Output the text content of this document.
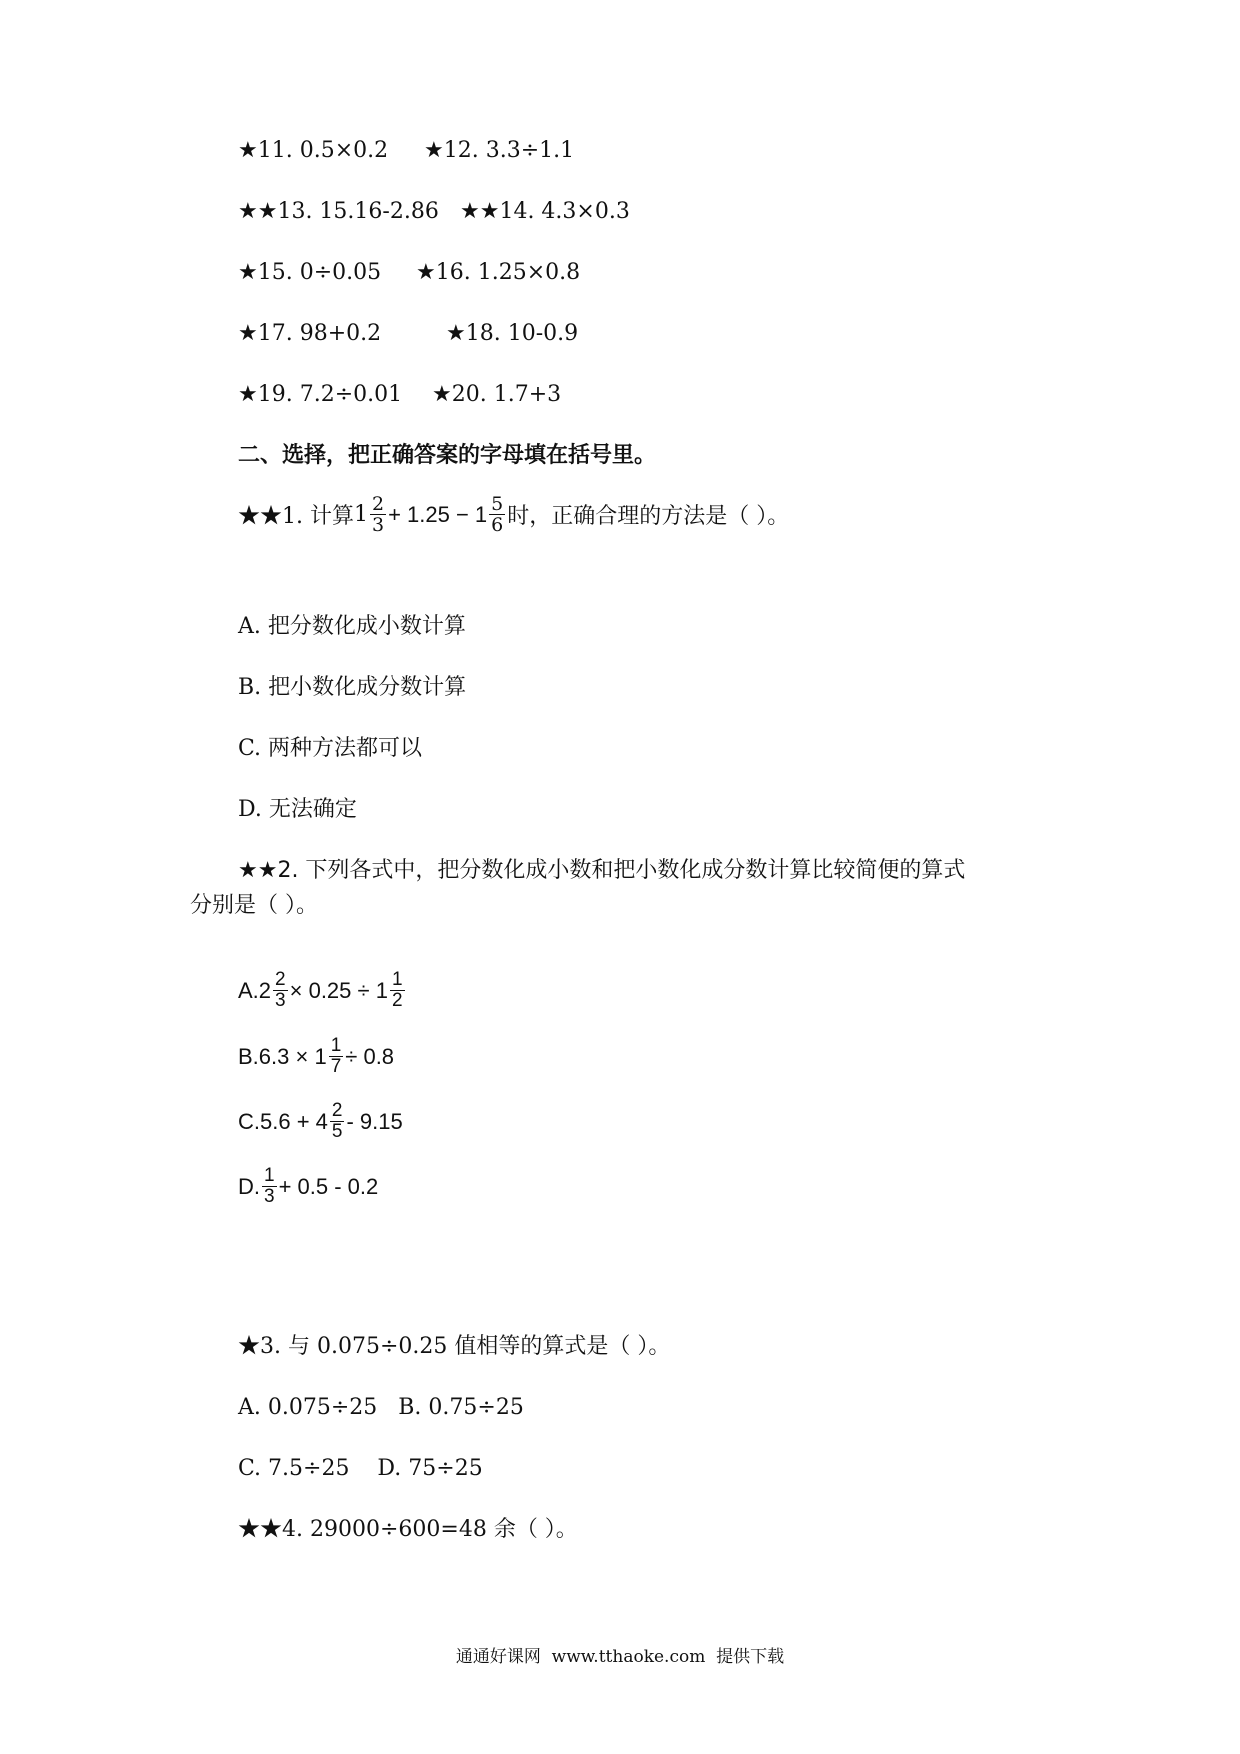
★11. 0.5×0.2 ★12. 3.3÷1.1
★★13. 15.16-2.86 ★★14. 4.3×0.3
★15. 0÷0.05 ★16. 1.25×0.8
★17. 98+0.2	★18. 10-0.9
★19. 7.2÷0.01 ★20. 1.7+3
二、选择，把正确答案的字母填在括号里。
★★1. 计算 $1 \frac{2}{3} + 1.25 - 1 \frac{5}{6}$ 时，正确合理的方法是（ ）。
A. 把分数化成小数计算
B. 把小数化成分数计算
C. 两种方法都可以
D. 无法确定
★★2. 下列各式中，把分数化成小数和把小数化成分数计算比较简便的算式
分别是（ ）。
A. $2 \frac{2}{3} \times 0.25 \div 1 \frac{1}{2}$
B. $6.3 \times 1 \frac{1}{7} \div 0.8$
C. $5.6 + 4 \frac{2}{5} - 9.15$
D. $\frac{1}{3} + 0.5 - 0.2$
★3. 与 0.075÷0.25 值相等的算式是（ ）。
A. 0.075÷25   B. 0.75÷25
C. 7.5÷25    D. 75÷25
★★4. 29000÷600=48 余（ ）。
通通好课网  www.tthaoke.com  提供下载
